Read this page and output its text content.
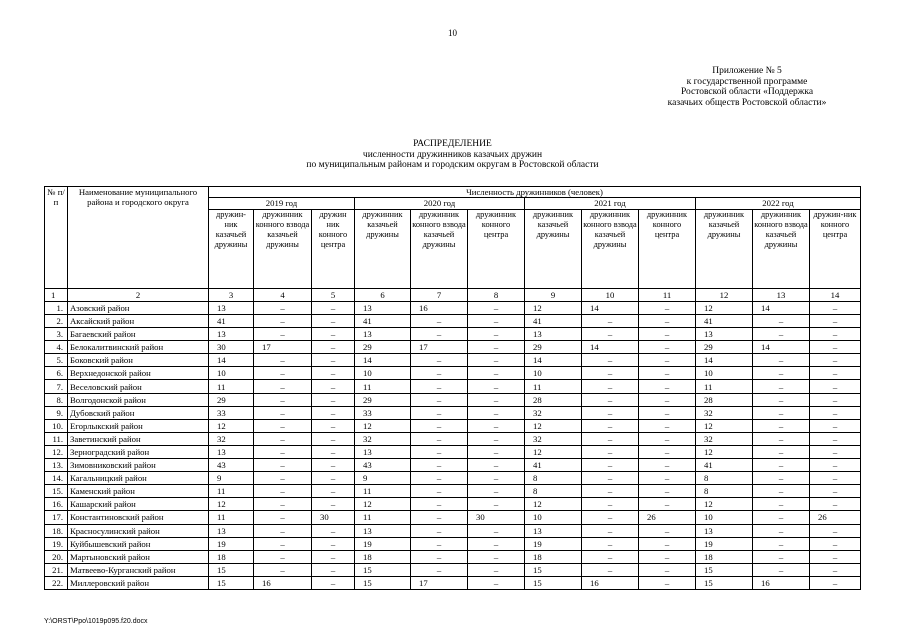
10
Приложение № 5
к государственной программе
Ростовской области «Поддержка
казачьих обществ Ростовской области»
РАСПРЕДЕЛЕНИЕ
численности дружинников казачьих дружин
по муниципальным районам и городским округам в Ростовской области
№ п/п	Наименование муниципального района и городского округа	Численность дружинников (человек)											
		2019 год			2020 год			2021 год			2022 год		
		дружин-ник казачьей дружины	дружинник конного взвода казачьей дружины	дружин ник конного центра	дружинник казачьей дружины	дружинник конного взвода казачьей дружины	дружинник конного центра	дружинник казачьей дружины	дружинник конного взвода казачьей дружины	дружинник конного центра	дружинник казачьей дружины	дружинник конного взвода казачьей дружины	дружин-ник конного центра
1	2	3	4	5	6	7	8	9	10	11	12	13	14
1.	Азовский район	13	–	–	13	16	–	12	14	–	12	14	–
2.	Аксайский район	41	–	–	41	–	–	41	–	–	41	–	–
3.	Багаевский район	13	–	–	13	–	–	13	–	–	13	–	–
4.	Белокалитвинский район	30	17	–	29	17	–	29	14	–	29	14	–
5.	Боковский район	14	–	–	14	–	–	14	–	–	14	–	–
6.	Верхнедонской район	10	–	–	10	–	–	10	–	–	10	–	–
7.	Веселовский район	11	–	–	11	–	–	11	–	–	11	–	–
8.	Волгодонской район	29	–	–	29	–	–	28	–	–	28	–	–
9.	Дубовский район	33	–	–	33	–	–	32	–	–	32	–	–
10.	Егорлыкский район	12	–	–	12	–	–	12	–	–	12	–	–
11.	Заветинский район	32	–	–	32	–	–	32	–	–	32	–	–
12.	Зерноградский район	13	–	–	13	–	–	12	–	–	12	–	–
13.	Зимовниковский район	43	–	–	43	–	–	41	–	–	41	–	–
14.	Кагальницкий район	9	–	–	9	–	–	8	–	–	8	–	–
15.	Каменский район	11	–	–	11	–	–	8	–	–	8	–	–
16.	Кашарский район	12	–	–	12	–	–	12	–	–	12	–	–
17.	Константиновский район	11	–	30	11	–	30	10	–	26	10	–	26
18.	Красносулинский район	13	–	–	13	–	–	13	–	–	13	–	–
19.	Куйбышевский район	19	–	–	19	–	–	19	–	–	19	–	–
20.	Мартыновский район	18	–	–	18	–	–	18	–	–	18	–	–
21.	Матвеево-Курганский район	15	–	–	15	–	–	15	–	–	15	–	–
22.	Миллеровский район	15	16	–	15	17	–	15	16	–	15	16	–
Y:\ORST\Ppo\1019p095.f20.docx
